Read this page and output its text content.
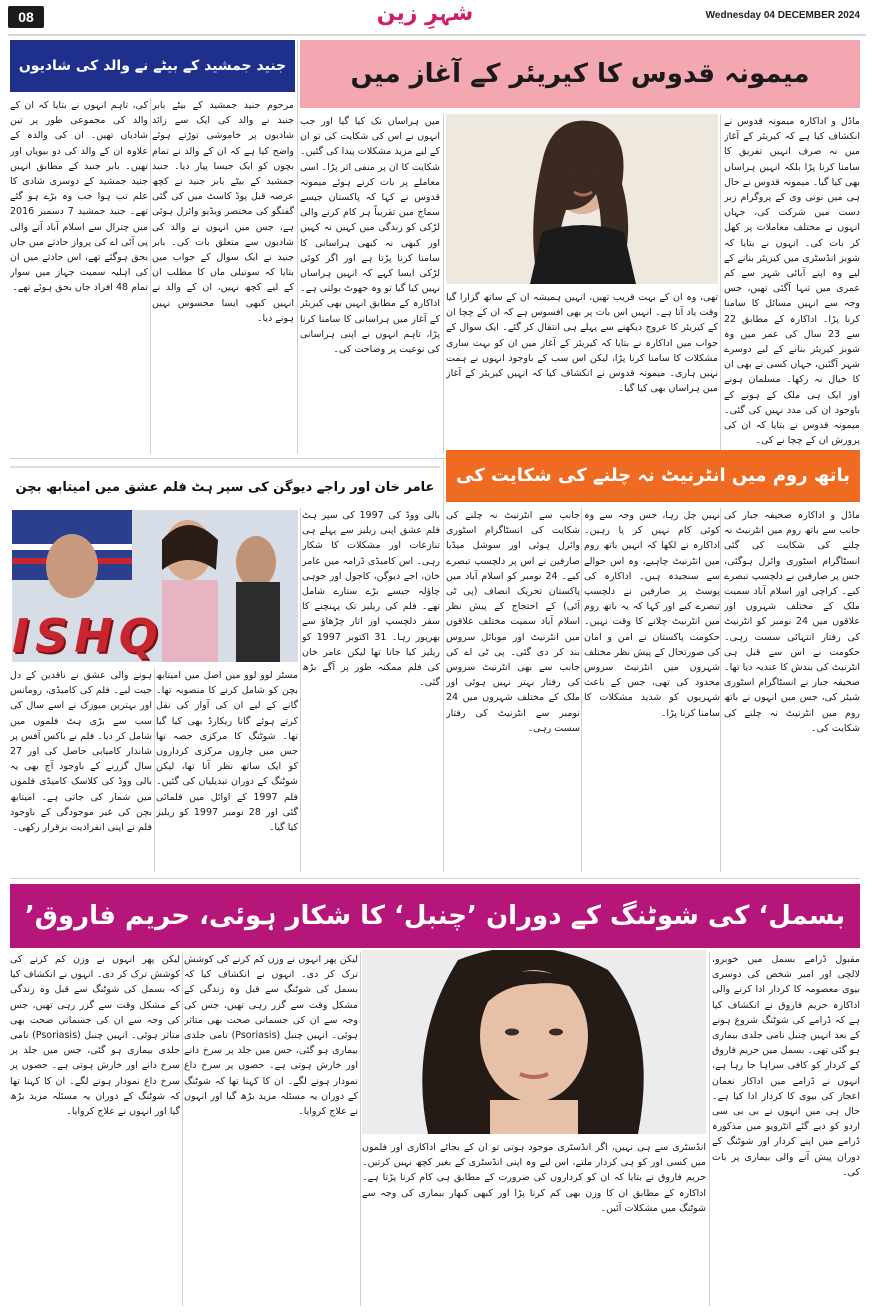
08	شہرِ زین	Wednesday 04 DECEMBER 2024
میمونہ قدوس کا کیریئر کے آغاز میں
ماڈل و اداکارہ میمونہ قدوس نے انکشاف کیا ہے کہ کیریئر کے آغاز میں نہ صرف انہیں تفریق کا سامنا کرنا پڑا بلکہ انہیں ہراساں بھی کیا گیا۔ میمونہ قدوس نے حال ہی میں نوتی وی کے پروگرام زبر دست میں شرکت کی، جہاں انہوں نے مختلف معاملات پر کھل کر بات کی۔ انہوں نے بتایا کہ شوبز انڈسٹری میں کیریئر بنانے کے لیے وہ اپنے آبائی شہر سے کم عمری میں تنہا آگئی تھیں، جس وجہ سے انہیں مسائل کا سامنا کرنا پڑا۔ اداکارہ کے مطابق 22 سے 23 سال کی عمر میں وہ شوبز کیریئر بنانے کے لیے دوسرے شہر آگئیں، جہاں کسی نے بھی ان کا خیال نہ رکھا۔ مسلمان ہونے اور ایک ہی ملک کے ہونے کے باوجود ان کی مدد نہیں کی گئی۔ میمونہ قدوس نے بتایا کہ ان کی پرورش ان کے چچا نے کی۔
تھی، وہ ان کے بہت قریب تھیں، انہیں ہمیشہ ان کے ساتھ گزارا گیا وقت یاد آتا ہے۔ انہیں اس بات پر بھی افسوس ہے کہ ان کے چچا ان کے کیریئر کا عروج دیکھنے سے پہلے ہی انتقال کر گئے۔ ایک سوال کے جواب میں اداکارہ نے بتایا کہ کیریئر کے آغاز میں ان کو بہت ساری مشکلات کا سامنا کرنا پڑا، لیکن اس سب کے باوجود انہوں نے ہمت نہیں ہاری۔ میمونہ قدوس نے انکشاف کیا کہ انہیں کیریئر کے آغاز میں ہراساں بھی کیا گیا۔
میں ہراساں تک کیا گیا اور جب انہوں نے اس کی شکایت کی تو ان کے لیے مزید مشکلات پیدا کی گئیں۔ شکایت کا ان پر منفی اثر پڑا۔ اسی معاملے پر بات کرتے ہوئے میمونہ قدوس نے کہا کہ پاکستان جیسے سماج میں تقریباً ہر کام کرنے والی لڑکی کو زندگی میں کہیں نہ کہیں اور کبھی نہ کبھی ہراسانی کا سامنا کرنا پڑتا ہے اور اگر کوئی لڑکی ایسا کہے کہ انہیں ہراساں نہیں کیا گیا تو وہ جھوٹ بولتی ہے۔ اداکارہ کے مطابق انہیں بھی کیریئر کے آغاز میں ہراسانی کا سامنا کرنا پڑا، تاہم انہوں نے اپنی ہراسانی کی نوعیت پر وضاحت کی۔
جنید جمشید کے بیٹے نے والد کی شادیوں
مرحوم جنید جمشید کے بیٹے بابر جنید نے والد کی ایک سے زائد شادیوں پر خاموشی توڑتے ہوئے واضح کیا ہے کہ ان کے والد نے تمام بچوں کو ایک جیسا پیار دیا۔ جنید جمشید کے بیٹے بابر جنید نے کچھ عرصہ قبل پوڈ کاسٹ میں کی گئی گفتگو کی مختصر ویڈیو وائرل ہوئی ہے، جس میں انہوں نے والد کی شادیوں سے متعلق بات کی۔ بابر جنید نے ایک سوال کے جواب میں بتایا کہ سوتیلی ماں کا مطلب ان کے لیے کچھ نہیں، ان کے والد نے انہیں کبھی ایسا محسوس نہیں ہونے دیا۔
کی، تاہم انہوں نے بتایا کہ ان کے والد کی مجموعی طور پر تین شادیاں تھیں۔ ان کی والدہ کے علاوہ ان کے والد کی دو بیویاں اور تھیں۔ بابر جنید کے مطابق انہیں جنید جمشید کے دوسری شادی کا علم تب ہوا جب وہ بڑے ہو گئے تھے۔ جنید جمشید 7 دسمبر 2016 میں چترال سے اسلام آباد آنے والی پی آئی اے کی پرواز حادثے میں جاں بحق ہوگئے تھے، اس حادثے میں ان کی اہلیہ سمیت جہاز میں سوار تمام 48 افراد جاں بحق ہوئے تھے۔
باتھ روم میں انٹرنیٹ نہ چلنے کی شکایت کی
ماڈل و اداکارہ صحیفہ جبار کی جانب سے باتھ روم میں انٹرنیٹ نہ چلنے کی شکایت کی گئی انسٹاگرام اسٹوری وائرل ہوگئی، جس پر صارفین نے دلچسپ تبصرے کیے۔ کراچی اور اسلام آباد سمیت ملک کے مختلف شہروں اور علاقوں میں 24 نومبر کو انٹرنیٹ کی رفتار انتہائی سست رہی۔ حکومت نے اس سے قبل ہی انٹرنیٹ کی بندش کا عندیہ دیا تھا۔ صحیفہ جبار نے انسٹاگرام اسٹوری شیئر کی، جس میں انہوں نے باتھ روم میں انٹرنیٹ نہ چلنے کی شکایت کی۔
نہیں چل رہا، جس وجہ سے وہ کوئی کام نہیں کر پا رہیں۔ اداکارہ نے لکھا کہ انہیں باتھ روم میں انٹرنیٹ چاہیے، وہ اس حوالے سے سنجیدہ ہیں۔ اداکارہ کی پوسٹ پر صارفین نے دلچسپ تبصرے کیے اور کہا کہ یہ باتھ روم میں انٹرنیٹ چلانے کا وقت نہیں۔ حکومت پاکستان نے امن و امان کی صورتحال کے پیش نظر مختلف شہروں میں انٹرنیٹ سروس محدود کی تھی، جس کے باعث شہریوں کو شدید مشکلات کا سامنا کرنا پڑا۔
جانب سے انٹرنیٹ نہ چلنے کی شکایت کی انسٹاگرام اسٹوری وائرل ہوئی اور سوشل میڈیا صارفین نے اس پر دلچسپ تبصرے کیے۔ 24 نومبر کو اسلام آباد میں پاکستان تحریک انصاف (پی ٹی آئی) کے احتجاج کے پیش نظر اسلام آباد سمیت مختلف علاقوں میں انٹرنیٹ اور موبائل سروس بند کر دی گئی۔ پی ٹی اے کی جانب سے بھی انٹرنیٹ سروس کی رفتار بہتر نہیں ہوئی اور ملک کے مختلف شہروں میں 24 نومبر سے انٹرنیٹ کی رفتار سست رہی۔
عامر خان اور راجے دیوگن کی سپر ہٹ فلم عشق میں امیتابھ بچن
ISHQ
بالی ووڈ کی 1997 کی سپر ہٹ فلم عشق اپنی ریلیز سے پہلے ہی تنازعات اور مشکلات کا شکار رہی۔ اس کامیڈی ڈرامہ میں عامر خان، اجے دیوگن، کاجول اور جوہی چاؤلہ جیسے بڑے ستارے شامل تھے۔ فلم کی ریلیز تک پہنچنے کا سفر دلچسپ اور اتار چڑھاؤ سے بھرپور رہا۔ 31 اکتوبر 1997 کو ریلیز کیا جانا تھا لیکن عامر خان کی فلم ممکنہ طور پر آگے بڑھ گئی۔
مسٹر لوو لوو میں اصل میں امیتابھ بچن کو شامل کرنے کا منصوبہ تھا۔ گانے کے لیے ان کی آواز کی نقل کرتے ہوئے گانا ریکارڈ بھی کیا گیا تھا۔ شوٹنگ کا مرکزی حصہ تھا جس میں چاروں مرکزی کرداروں کو ایک ساتھ نظر آنا تھا، لیکن شوٹنگ کے دوران تبدیلیاں کی گئیں۔ فلم 1997 کے اوائل میں فلمائی گئی اور 28 نومبر 1997 کو ریلیز کیا گیا۔
ہونے والی عشق نے ناقدین کے دل جیت لیے۔ فلم کی کامیڈی، رومانس اور بہترین میوزک نے اسے سال کی سب سے بڑی ہٹ فلموں میں شامل کر دیا۔ فلم نے باکس آفس پر شاندار کامیابی حاصل کی اور 27 سال گزرنے کے باوجود آج بھی یہ بالی ووڈ کی کلاسک کامیڈی فلموں میں شمار کی جاتی ہے۔ امیتابھ بچن کی غیر موجودگی کے باوجود فلم نے اپنی انفرادیت برقرار رکھی۔
’بسمل‘ کی شوٹنگ کے دوران ’چنبل‘ کا شکار ہوئی، حریم فاروق
مقبول ڈرامے بسمل میں خوبرو، لالچی اور امیر شخص کی دوسری بیوی معصومہ کا کردار ادا کرنے والی اداکارہ حریم فاروق نے انکشاف کیا ہے کہ ڈرامے کی شوٹنگ شروع ہونے کے بعد انہیں چنبل نامی جلدی بیماری ہو گئی تھی۔ بسمل میں حریم فاروق کے کردار کو کافی سراہا جا رہا ہے، انہوں نے ڈرامے میں اداکار نعمان اعجاز کی بیوی کا کردار ادا کیا ہے۔ حال ہی میں انہوں نے بی بی سی اردو کو دیے گئے انٹرویو میں مذکورہ ڈرامے میں اپنے کردار اور شوٹنگ کے دوران پیش آنے والی بیماری پر بات کی۔
انڈسٹری سے ہی نہیں، اگر انڈسٹری موجود ہوتی تو ان کے بجائے اداکاری اور فلموں میں کسی اور کو ہی کردار ملتے، اس لیے وہ اپنی انڈسٹری کے بغیر کچھ نہیں کرتیں۔ حریم فاروق نے بتایا کہ ان کو کرداروں کی ضرورت کے مطابق ہی کام کرنا پڑتا ہے۔ اداکارہ کے مطابق ان کا وزن بھی کم کرنا پڑا اور کبھی کبھار بیماری کی وجہ سے شوٹنگ میں مشکلات آئیں۔
لیکن پھر انہوں نے وزن کم کرنے کی کوشش ترک کر دی۔ انہوں نے انکشاف کیا کہ بسمل کی شوٹنگ سے قبل وہ زندگی کے مشکل وقت سے گزر رہی تھیں، جس کی وجہ سے ان کی جسمانی صحت بھی متاثر ہوئی۔ انہیں چنبل (Psoriasis) نامی جلدی بیماری ہو گئی، جس میں جلد پر سرخ دانے اور خارش ہوتی ہے۔ حصوں پر سرخ داغ نمودار ہونے لگے۔ ان کا کہنا تھا کہ شوٹنگ کے دوران یہ مسئلہ مزید بڑھ گیا اور انہوں نے علاج کروایا۔
لیکن پھر انہوں نے وزن کم کرنے کی کوشش ترک کر دی۔ انہوں نے انکشاف کیا کہ بسمل کی شوٹنگ سے قبل وہ زندگی کے مشکل وقت سے گزر رہی تھیں، جس کی وجہ سے ان کی جسمانی صحت بھی متاثر ہوئی۔ انہیں چنبل (Psoriasis) نامی جلدی بیماری ہو گئی، جس میں جلد پر سرخ دانے اور خارش ہوتی ہے۔ حصوں پر سرخ داغ نمودار ہونے لگے۔ ان کا کہنا تھا کہ شوٹنگ کے دوران یہ مسئلہ مزید بڑھ گیا اور انہوں نے علاج کروایا۔
